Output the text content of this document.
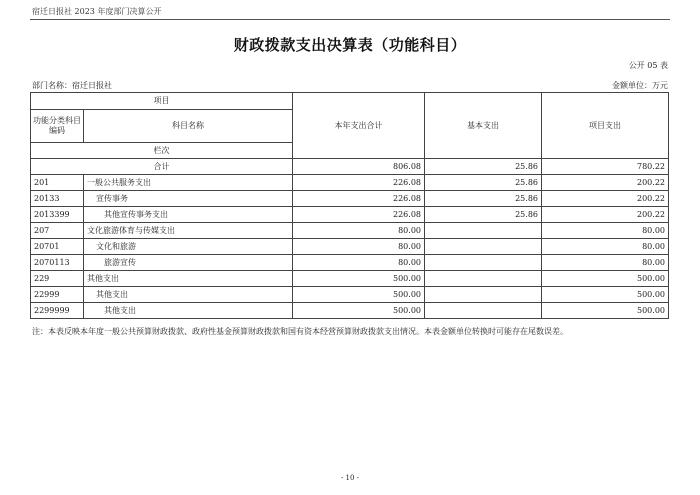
宿迁日报社 2023 年度部门决算公开
财政拨款支出决算表（功能科目）
公开 05 表
部门名称：宿迁日报社	金额单位：万元
项目		本年支出合计	基本支出	项目支出	
功能分类科目编码	科目名称				
栏次			
合计		806.08	25.86	780.22	
201	一般公共服务支出	226.08	25.86	200.22	
20133	宣传事务	226.08	25.86	200.22	
2013399	其他宣传事务支出	226.08	25.86	200.22	
207	文化旅游体育与传媒支出	80.00		80.00	
20701	文化和旅游	80.00		80.00	
2070113	旅游宣传	80.00		80.00	
229	其他支出	500.00		500.00	
22999	其他支出	500.00		500.00	
2299999	其他支出	500.00		500.00	
注：本表反映本年度一般公共预算财政拨款、政府性基金预算财政拨款和国有资本经营预算财政拨款支出情况。本表金额单位转换时可能存在尾数误差。
- 10 -
